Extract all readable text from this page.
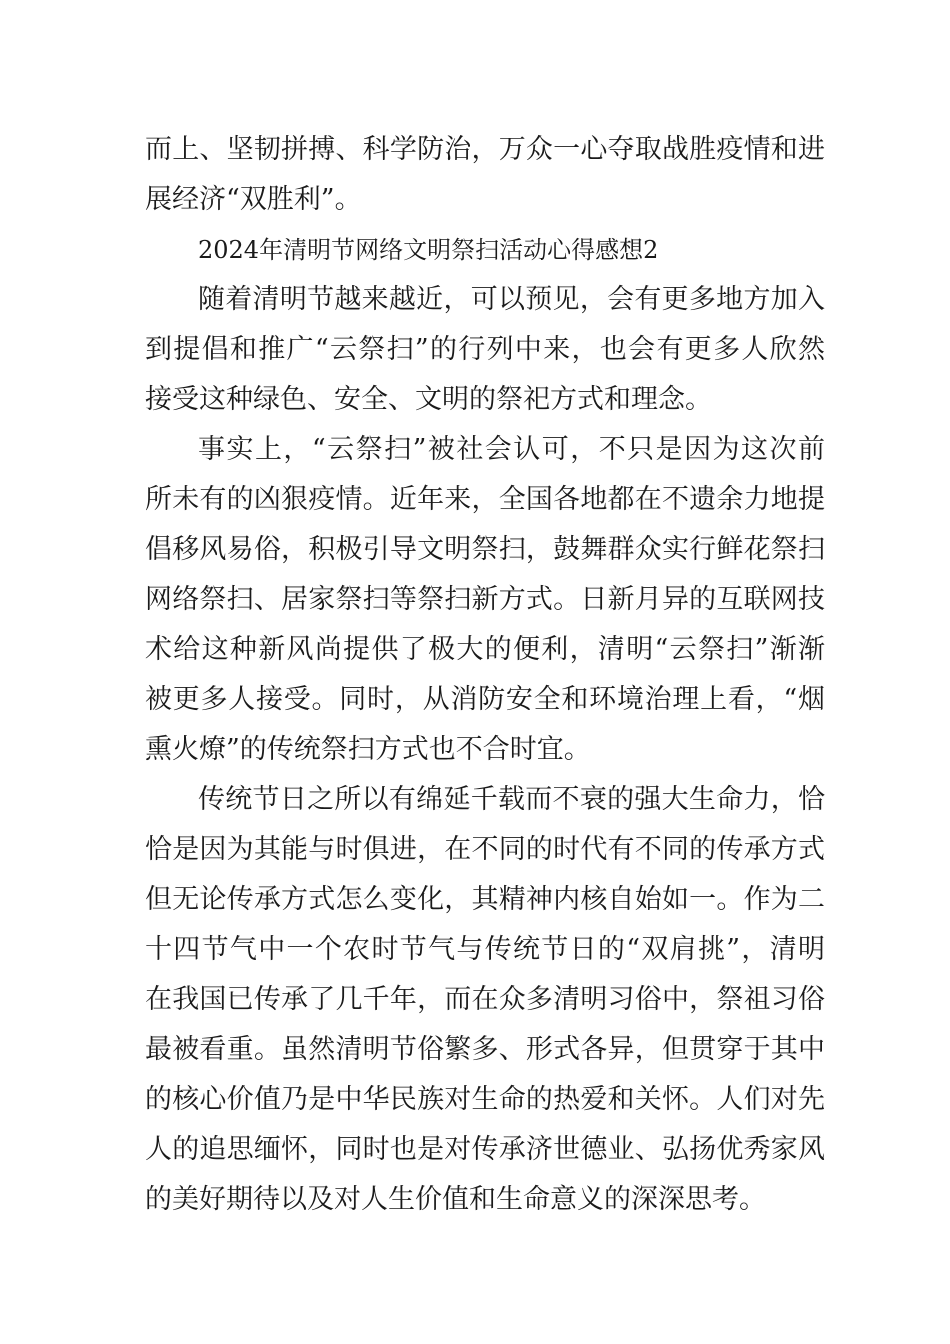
而上、坚韧拼搏、科学防治，万众一心夺取战胜疫情和进
展经济“双胜利”。
2024年清明节网络文明祭扫活动心得感想2
随着清明节越来越近，可以预见，会有更多地方加入
到提倡和推广“云祭扫”的行列中来，也会有更多人欣然
接受这种绿色、安全、文明的祭祀方式和理念。
事实上，“云祭扫”被社会认可，不只是因为这次前
所未有的凶狠疫情。近年来，全国各地都在不遗余力地提
倡移风易俗，积极引导文明祭扫，鼓舞群众实行鲜花祭扫
网络祭扫、居家祭扫等祭扫新方式。日新月异的互联网技
术给这种新风尚提供了极大的便利，清明“云祭扫”渐渐
被更多人接受。同时，从消防安全和环境治理上看，“烟
熏火燎”的传统祭扫方式也不合时宜。
传统节日之所以有绵延千载而不衰的强大生命力，恰
恰是因为其能与时俱进，在不同的时代有不同的传承方式
但无论传承方式怎么变化，其精神内核自始如一。作为二
十四节气中一个农时节气与传统节日的“双肩挑”，清明
在我国已传承了几千年，而在众多清明习俗中，祭祖习俗
最被看重。虽然清明节俗繁多、形式各异，但贯穿于其中
的核心价值乃是中华民族对生命的热爱和关怀。人们对先
人的追思缅怀，同时也是对传承济世德业、弘扬优秀家风
的美好期待以及对人生价值和生命意义的深深思考。
